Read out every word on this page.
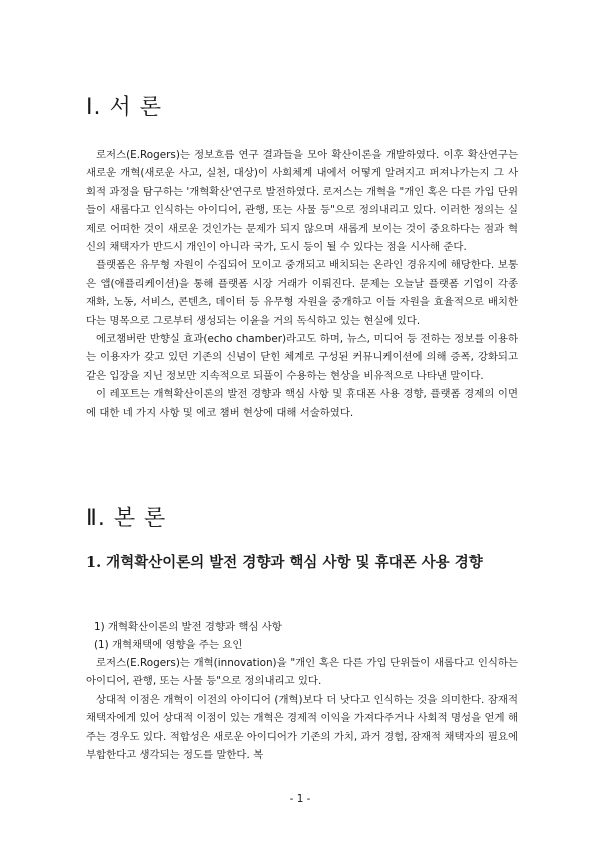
Ⅰ. 서 론

로저스(E.Rogers)는 정보흐름 연구 결과들을 모아 확산이론을 개발하였다. 이후 확산연구는 새로운 개혁(새로운 사고, 실천, 대상)이 사회체계 내에서 어떻게 알려지고 퍼져나가는지 그 사회적 과정을 탐구하는 '개혁확산'연구로 발전하였다. 로저스는 개혁을 "개인 혹은 다른 가입 단위들이 새롭다고 인식하는 아이디어, 관행, 또는 사물 등"으로 정의내리고 있다. 이러한 정의는 실제로 어떠한 것이 새로운 것인가는 문제가 되지 않으며 새롭게 보이는 것이 중요하다는 점과 혁신의 채택자가 반드시 개인이 아니라 국가, 도시 등이 될 수 있다는 점을 시사해 준다.

플랫폼은 유무형 자원이 수집되어 모이고 중개되고 배치되는 온라인 경유지에 해당한다. 보통은 앱(애플리케이션)을 통해 플랫폼 시장 거래가 이뤄진다. 문제는 오늘날 플랫폼 기업이 각종 재화, 노동, 서비스, 콘텐츠, 데이터 등 유무형 자원을 중개하고 이들 자원을 효율적으로 배치한다는 명목으로 그로부터 생성되는 이윤을 거의 독식하고 있는 현실에 있다.

에코챔버란 반향실 효과(echo chamber)라고도 하며, 뉴스, 미디어 등 전하는 정보를 이용하는 이용자가 갖고 있던 기존의 신념이 닫힌 체계로 구성된 커뮤니케이션에 의해 증폭, 강화되고 같은 입장을 지닌 정보만 지속적으로 되풀이 수용하는 현상을 비유적으로 나타낸 말이다.

이 레포트는 개혁확산이론의 발전 경향과 핵심 사항 및 휴대폰 사용 경향, 플랫폼 경제의 이면에 대한 네 가지 사항 및 에코 챔버 현상에 대해 서술하였다.

Ⅱ. 본 론
1. 개혁확산이론의 발전 경향과 핵심 사항 및 휴대폰 사용 경향
1) 개혁확산이론의 발전 경향과 핵심 사항
(1) 개혁채택에 영향을 주는 요인

로저스(E.Rogers)는 개혁(innovation)을 "개인 혹은 다른 가입 단위들이 새롭다고 인식하는 아이디어, 관행, 또는 사물 등"으로 정의내리고 있다.

상대적 이점은 개혁이 이전의 아이디어 (개혁)보다 더 낫다고 인식하는 것을 의미한다. 잠재적 채택자에게 있어 상대적 이점이 있는 개혁은 경제적 이익을 가져다주거나 사회적 명성을 얻게 해주는 경우도 있다. 적합성은 새로운 아이디어가 기존의 가치, 과거 경험, 잠재적 채택자의 필요에 부합한다고 생각되는 정도를 말한다. 복

- 1 -
